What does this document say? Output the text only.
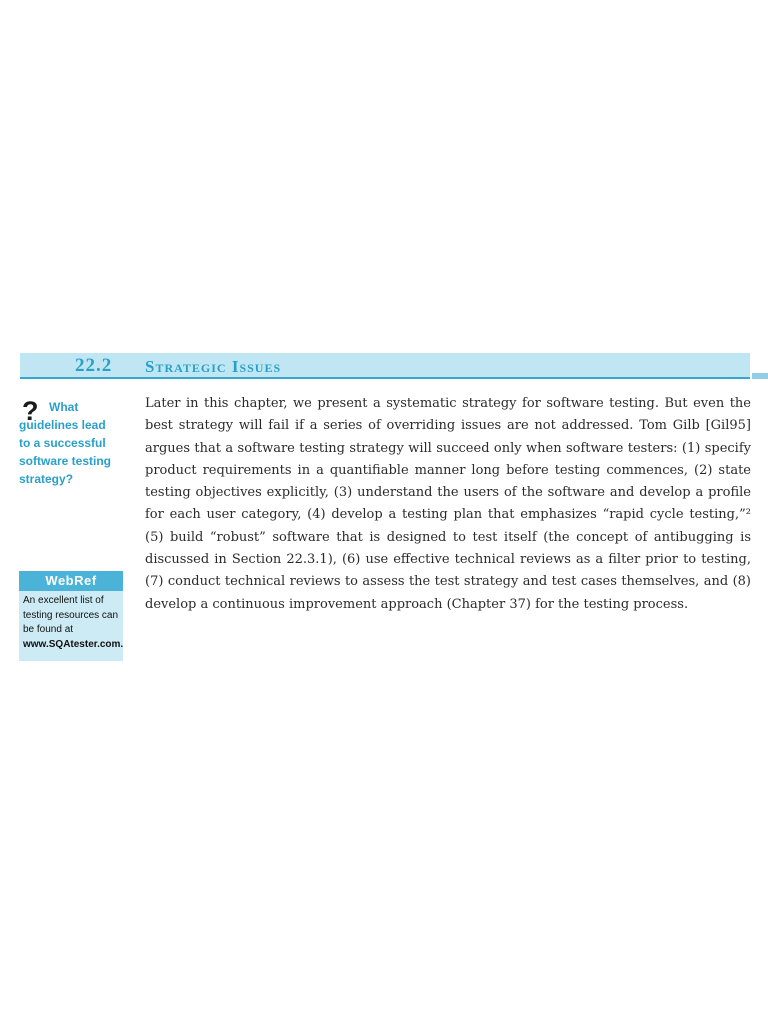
22.2 Strategic Issues
? What guidelines lead to a successful software testing strategy?

WebRef

An excellent list of testing resources can be found at www.SQAtester.com.

Later in this chapter, we present a systematic strategy for software testing. But even the best strategy will fail if a series of overriding issues are not addressed. Tom Gilb [Gil95] argues that a software testing strategy will succeed only when software testers: (1) specify product requirements in a quantifiable manner long before testing commences, (2) state testing objectives explicitly, (3) understand the users of the software and develop a profile for each user category, (4) develop a testing plan that emphasizes “rapid cycle testing,”² (5) build “robust” software that is designed to test itself (the concept of antibugging is discussed in Section 22.3.1), (6) use effective technical reviews as a filter prior to testing, (7) conduct technical reviews to assess the test strategy and test cases themselves, and (8) develop a continuous improvement approach (Chapter 37) for the testing process.
